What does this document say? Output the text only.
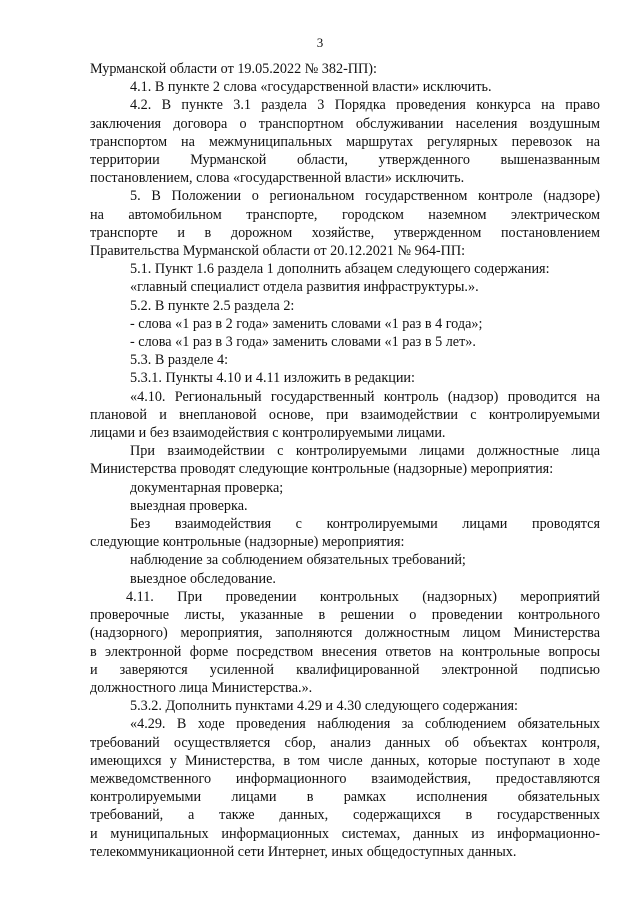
3

Мурманской области от 19.05.2022 № 382-ПП):

4.1. В пункте 2 слова «государственной власти» исключить.

4.2. В пункте 3.1 раздела 3 Порядка проведения конкурса на право

заключения договора о транспортном обслуживании населения воздушным

транспортом на межмуниципальных маршрутах регулярных перевозок на

территории Мурманской области, утвержденного вышеназванным

постановлением, слова «государственной власти» исключить.

5. В Положении о региональном государственном контроле (надзоре)

на автомобильном транспорте, городском наземном электрическом

транспорте и в дорожном хозяйстве, утвержденном постановлением

Правительства Мурманской области от 20.12.2021 № 964-ПП:

5.1. Пункт 1.6 раздела 1 дополнить абзацем следующего содержания:

«главный специалист отдела развития инфраструктуры.».

5.2. В пункте 2.5 раздела 2:

- слова «1 раз в 2 года» заменить словами «1 раз в 4 года»;

- слова «1 раз в 3 года» заменить словами «1 раз в 5 лет».

5.3. В разделе 4:

5.3.1. Пункты 4.10 и 4.11 изложить в редакции:

«4.10. Региональный государственный контроль (надзор) проводится на

плановой и внеплановой основе, при взаимодействии с контролируемыми

лицами и без взаимодействия с контролируемыми лицами.

При взаимодействии с контролируемыми лицами должностные лица

Министерства проводят следующие контрольные (надзорные) мероприятия:

документарная проверка;

выездная проверка.

Без взаимодействия с контролируемыми лицами проводятся

следующие контрольные (надзорные) мероприятия:

наблюдение за соблюдением обязательных требований;

выездное обследование.

4.11. При проведении контрольных (надзорных) мероприятий

проверочные листы, указанные в решении о проведении контрольного

(надзорного) мероприятия, заполняются должностным лицом Министерства

в электронной форме посредством внесения ответов на контрольные вопросы

и заверяются усиленной квалифицированной электронной подписью

должностного лица Министерства.».

5.3.2. Дополнить пунктами 4.29 и 4.30 следующего содержания:

«4.29. В ходе проведения наблюдения за соблюдением обязательных

требований осуществляется сбор, анализ данных об объектах контроля,

имеющихся у Министерства, в том числе данных, которые поступают в ходе

межведомственного информационного взаимодействия, предоставляются

контролируемыми лицами в рамках исполнения обязательных

требований, а также данных, содержащихся в государственных

и муниципальных информационных системах, данных из информационно-

телекоммуникационной сети Интернет, иных общедоступных данных.
